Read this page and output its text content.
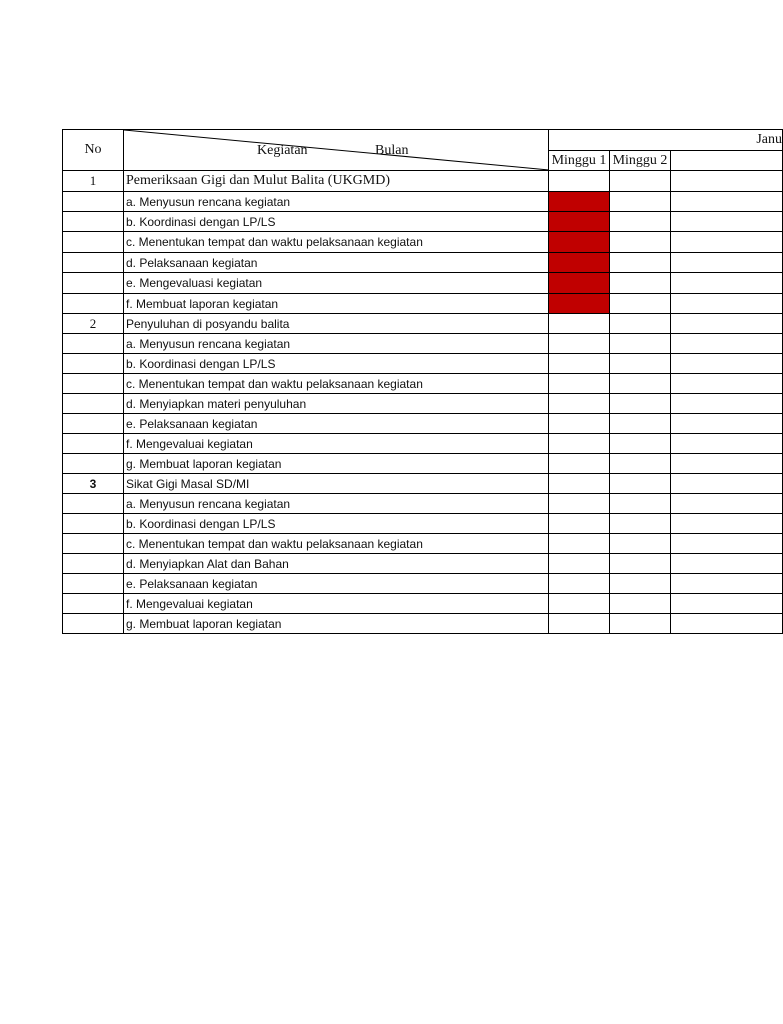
No	Kegiatan Bulan	Janu		
		Minggu 1	Minggu 2	
1	Pemeriksaan Gigi dan Mulut Balita (UKGMD)			
	a. Menyusun rencana kegiatan			
	b. Koordinasi dengan LP/LS			
	c. Menentukan tempat dan waktu pelaksanaan kegiatan			
	d. Pelaksanaan kegiatan			
	e. Mengevaluasi kegiatan			
	f. Membuat laporan kegiatan			
2	Penyuluhan di posyandu balita			
	a. Menyusun rencana kegiatan			
	b. Koordinasi dengan LP/LS			
	c. Menentukan tempat dan waktu pelaksanaan kegiatan			
	d. Menyiapkan materi penyuluhan			
	e. Pelaksanaan kegiatan			
	f. Mengevaluai kegiatan			
	g. Membuat laporan kegiatan			
3	Sikat Gigi Masal SD/MI			
	a. Menyusun rencana kegiatan			
	b. Koordinasi dengan LP/LS			
	c. Menentukan tempat dan waktu pelaksanaan kegiatan			
	d. Menyiapkan Alat dan Bahan			
	e. Pelaksanaan kegiatan			
	f. Mengevaluai kegiatan			
	g. Membuat laporan kegiatan			
